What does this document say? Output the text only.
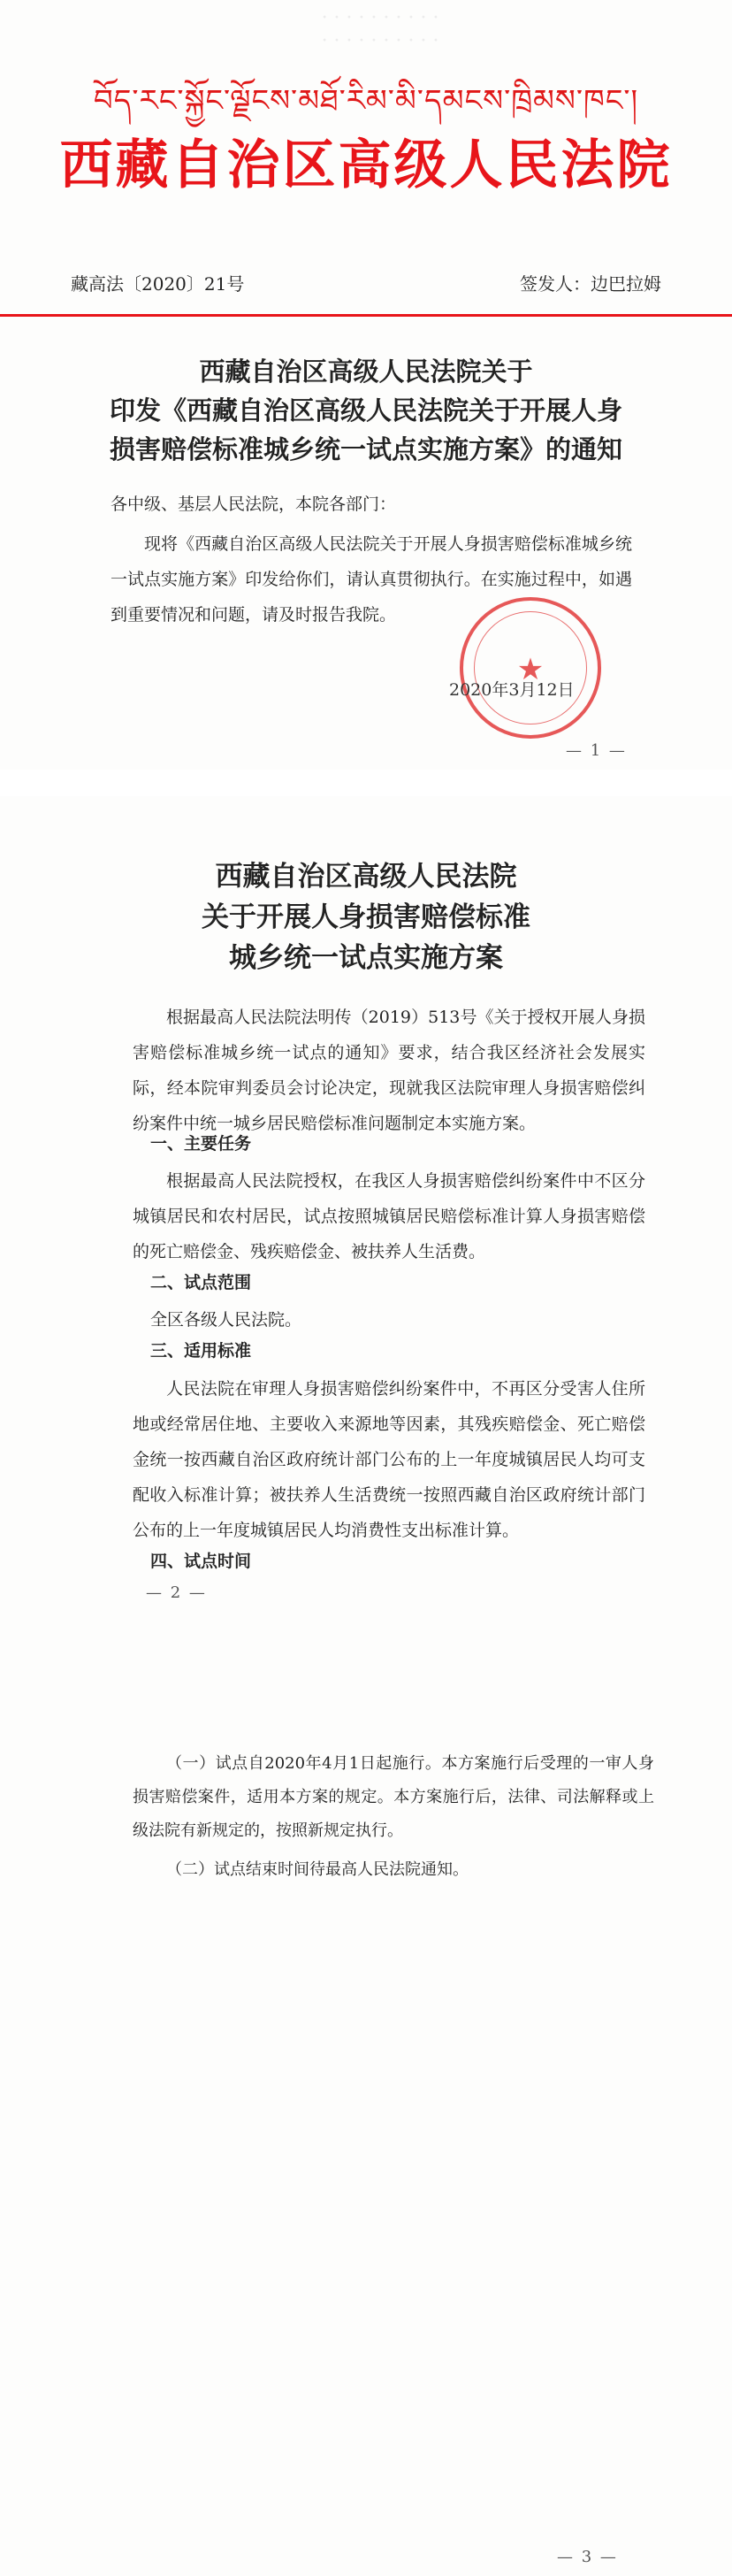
· · · · · · · · · ·
· · · · · · · · · ·
བོད་རང་སྐྱོང་ལྗོངས་མཐོ་རིམ་མི་དམངས་ཁྲིམས་ཁང་།
西藏自治区高级人民法院
藏高法〔2020〕21号	签发人：边巴拉姆
西藏自治区高级人民法院关于
印发《西藏自治区高级人民法院关于开展人身
损害赔偿标准城乡统一试点实施方案》的通知
各中级、基层人民法院，本院各部门：
现将《西藏自治区高级人民法院关于开展人身损害赔偿标准城乡统一试点实施方案》印发给你们，请认真贯彻执行。在实施过程中，如遇到重要情况和问题，请及时报告我院。
★
2020年3月12日
— 1 —
西藏自治区高级人民法院
关于开展人身损害赔偿标准
城乡统一试点实施方案
根据最高人民法院法明传（2019）513号《关于授权开展人身损害赔偿标准城乡统一试点的通知》要求，结合我区经济社会发展实际，经本院审判委员会讨论决定，现就我区法院审理人身损害赔偿纠纷案件中统一城乡居民赔偿标准问题制定本实施方案。
一、主要任务
根据最高人民法院授权，在我区人身损害赔偿纠纷案件中不区分城镇居民和农村居民，试点按照城镇居民赔偿标准计算人身损害赔偿的死亡赔偿金、残疾赔偿金、被扶养人生活费。
二、试点范围
全区各级人民法院。
三、适用标准
人民法院在审理人身损害赔偿纠纷案件中，不再区分受害人住所地或经常居住地、主要收入来源地等因素，其残疾赔偿金、死亡赔偿金统一按西藏自治区政府统计部门公布的上一年度城镇居民人均可支配收入标准计算；被扶养人生活费统一按照西藏自治区政府统计部门公布的上一年度城镇居民人均消费性支出标准计算。
四、试点时间
— 2 —
（一）试点自2020年4月1日起施行。本方案施行后受理的一审人身损害赔偿案件，适用本方案的规定。本方案施行后，法律、司法解释或上级法院有新规定的，按照新规定执行。
（二）试点结束时间待最高人民法院通知。
— 3 —
